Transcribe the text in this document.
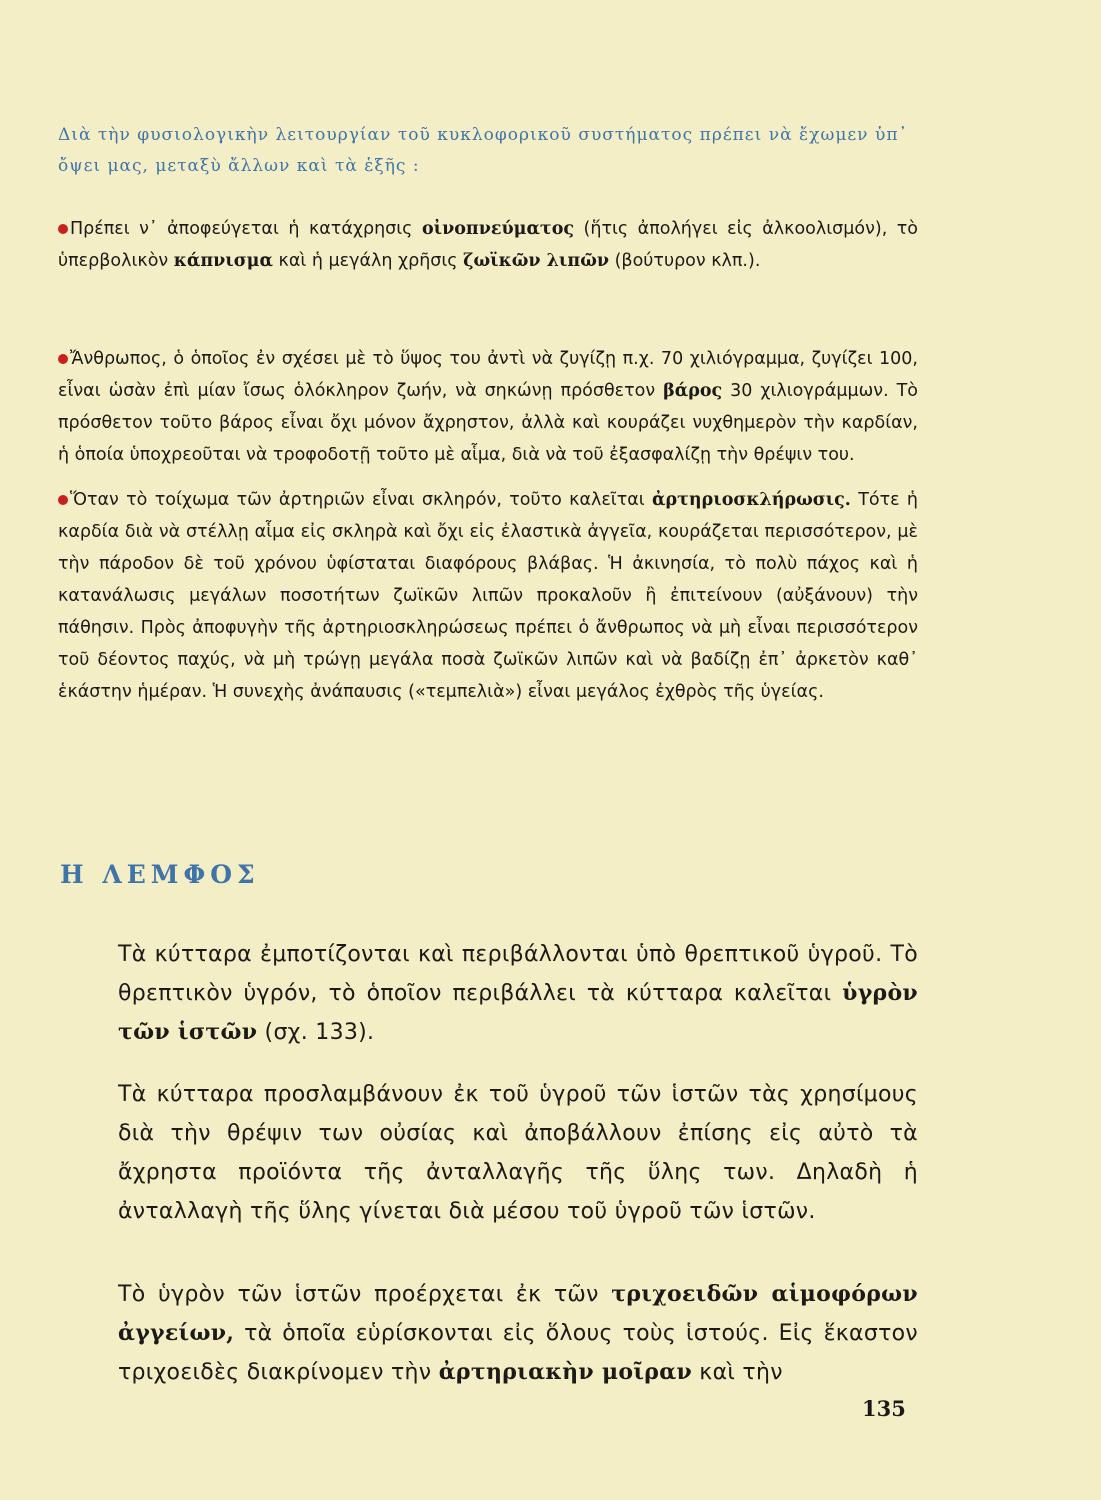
Διὰ τὴν φυσιολογικὴν λειτουργίαν τοῦ κυκλοφορικοῦ συστήματος πρέπει νὰ ἔχωμεν ὑπ᾿ ὄψει μας, μεταξὺ ἄλλων καὶ τὰ ἑξῆς :

Πρέπει ν᾿ ἀποφεύγεται ἡ κατάχρησις οἰνοπνεύματος (ἥτις ἀπολήγει εἰς ἀλκοολισμόν), τὸ ὑπερβολικὸν κάπνισμα καὶ ἡ μεγάλη χρῆσις ζωϊκῶν λιπῶν (βούτυρον κλπ.).

Ἄνθρωπος, ὁ ὁποῖος ἐν σχέσει μὲ τὸ ὕψος του ἀντὶ νὰ ζυγίζῃ π.χ. 70 χιλιόγραμμα, ζυγίζει 100, εἶναι ὡσὰν ἐπὶ μίαν ἴσως ὁλόκληρον ζωήν, νὰ σηκώνῃ πρόσθετον βάρος 30 χιλιογράμμων. Τὸ πρόσθετον τοῦτο βάρος εἶναι ὄχι μόνον ἄχρηστον, ἀλλὰ καὶ κουράζει νυχθημερὸν τὴν καρδίαν, ἡ ὁποία ὑποχρεοῦται νὰ τροφοδοτῇ τοῦτο μὲ αἷμα, διὰ νὰ τοῦ ἐξασφαλίζῃ τὴν θρέψιν του.

Ὅταν τὸ τοίχωμα τῶν ἀρτηριῶν εἶναι σκληρόν, τοῦτο καλεῖται ἀρτηριοσκλήρωσις. Τότε ἡ καρδία διὰ νὰ στέλλῃ αἷμα εἰς σκληρὰ καὶ ὄχι εἰς ἐλαστικὰ ἀγγεῖα, κουράζεται περισσότερον, μὲ τὴν πάροδον δὲ τοῦ χρόνου ὑφίσταται διαφόρους βλάβας. Ἡ ἀκινησία, τὸ πολὺ πάχος καὶ ἡ κατανάλωσις μεγάλων ποσοτήτων ζωϊκῶν λιπῶν προκαλοῦν ἢ ἐπιτείνουν (αὐξάνουν) τὴν πάθησιν. Πρὸς ἀποφυγὴν τῆς ἀρτηριοσκληρώσεως πρέπει ὁ ἄνθρωπος νὰ μὴ εἶναι περισσότερον τοῦ δέοντος παχύς, νὰ μὴ τρώγῃ μεγάλα ποσὰ ζωϊκῶν λιπῶν καὶ νὰ βαδίζῃ ἐπ᾿ ἀρκετὸν καθ᾿ ἑκάστην ἡμέραν. Ἡ συνεχὴς ἀνάπαυσις («τεμπελιὰ») εἶναι μεγάλος ἐχθρὸς τῆς ὑγείας.

Η ΛΕΜΦΟΣ

Τὰ κύτταρα ἐμποτίζονται καὶ περιβάλλονται ὑπὸ θρεπτικοῦ ὑγροῦ. Τὸ θρεπτικὸν ὑγρόν, τὸ ὁποῖον περιβάλλει τὰ κύτταρα καλεῖται ὑγρὸν τῶν ἱστῶν (σχ. 133).

Τὰ κύτταρα προσλαμβάνουν ἐκ τοῦ ὑγροῦ τῶν ἱστῶν τὰς χρησίμους διὰ τὴν θρέψιν των οὐσίας καὶ ἀποβάλλουν ἐπίσης εἰς αὐτὸ τὰ ἄχρηστα προϊόντα τῆς ἀνταλλαγῆς τῆς ὕλης των. Δηλαδὴ ἡ ἀνταλλαγὴ τῆς ὕλης γίνεται διὰ μέσου τοῦ ὑγροῦ τῶν ἱστῶν.

Τὸ ὑγρὸν τῶν ἱστῶν προέρχεται ἐκ τῶν τριχοειδῶν αἱμοφόρων ἀγγείων, τὰ ὁποῖα εὑρίσκονται εἰς ὅλους τοὺς ἱστούς. Εἰς ἕκαστον τριχοειδὲς διακρίνομεν τὴν ἀρτηριακὴν μοῖραν καὶ τὴν

135
